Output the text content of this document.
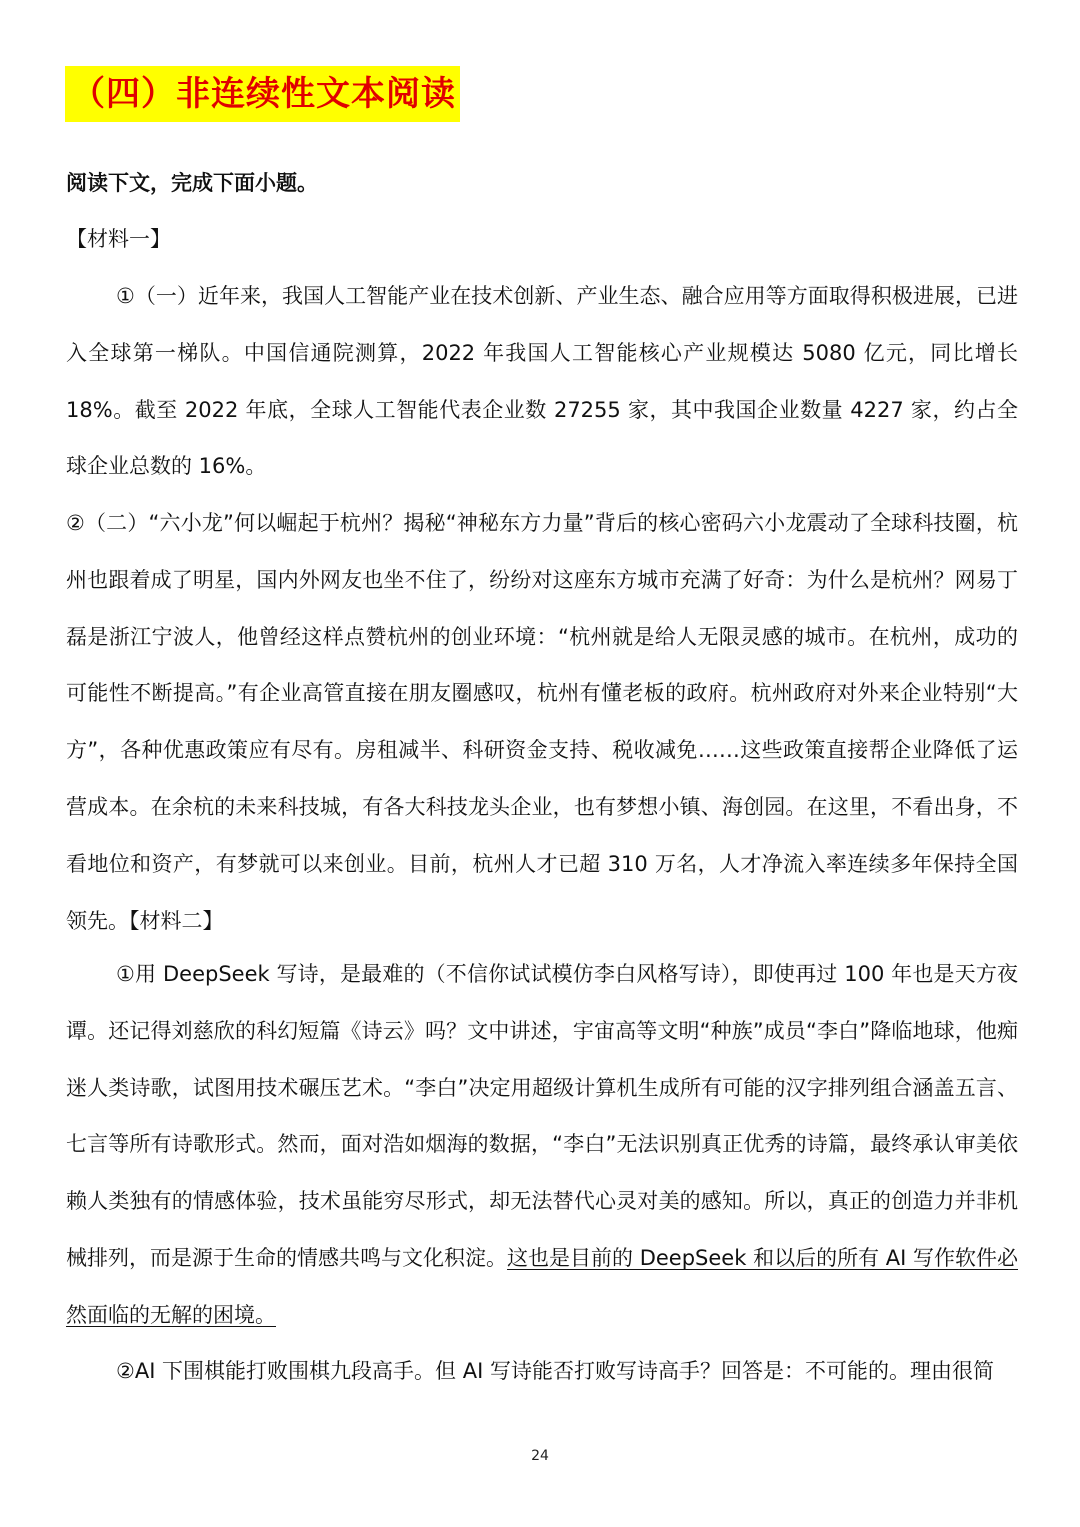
（四）非连续性文本阅读
阅读下文，完成下面小题。

【材料一】

①（一）近年来，我国人工智能产业在技术创新、产业生态、融合应用等方面取得积极进展，已进入全球第一梯队。中国信通院测算，2022 年我国人工智能核心产业规模达 5080 亿元，同比增长 18%。截至 2022 年底，全球人工智能代表企业数 27255 家，其中我国企业数量 4227 家，约占全球企业总数的 16%。

②（二）“六小龙”何以崛起于杭州？揭秘“神秘东方力量”背后的核心密码六小龙震动了全球科技圈，杭州也跟着成了明星，国内外网友也坐不住了，纷纷对这座东方城市充满了好奇：为什么是杭州？网易丁磊是浙江宁波人，他曾经这样点赞杭州的创业环境：“杭州就是给人无限灵感的城市。在杭州，成功的可能性不断提高。”有企业高管直接在朋友圈感叹，杭州有懂老板的政府。杭州政府对外来企业特别“大方”，各种优惠政策应有尽有。房租减半、科研资金支持、税收减免……这些政策直接帮企业降低了运营成本。在余杭的未来科技城，有各大科技龙头企业，也有梦想小镇、海创园。在这里，不看出身，不看地位和资产，有梦就可以来创业。目前，杭州人才已超 310 万名，人才净流入率连续多年保持全国领先。【材料二】

①用 DeepSeek 写诗，是最难的（不信你试试模仿李白风格写诗），即使再过 100 年也是天方夜谭。还记得刘慈欣的科幻短篇《诗云》吗？文中讲述，宇宙高等文明“种族”成员“李白”降临地球，他痴迷人类诗歌，试图用技术碾压艺术。“李白”决定用超级计算机生成所有可能的汉字排列组合涵盖五言、七言等所有诗歌形式。然而，面对浩如烟海的数据，“李白”无法识别真正优秀的诗篇，最终承认审美依赖人类独有的情感体验，技术虽能穷尽形式，却无法替代心灵对美的感知。所以，真正的创造力并非机械排列，而是源于生命的情感共鸣与文化积淀。这也是目前的 DeepSeek 和以后的所有 AI 写作软件必然面临的无解的困境。

②AI 下围棋能打败围棋九段高手。但 AI 写诗能否打败写诗高手？回答是：不可能的。理由很简

24
